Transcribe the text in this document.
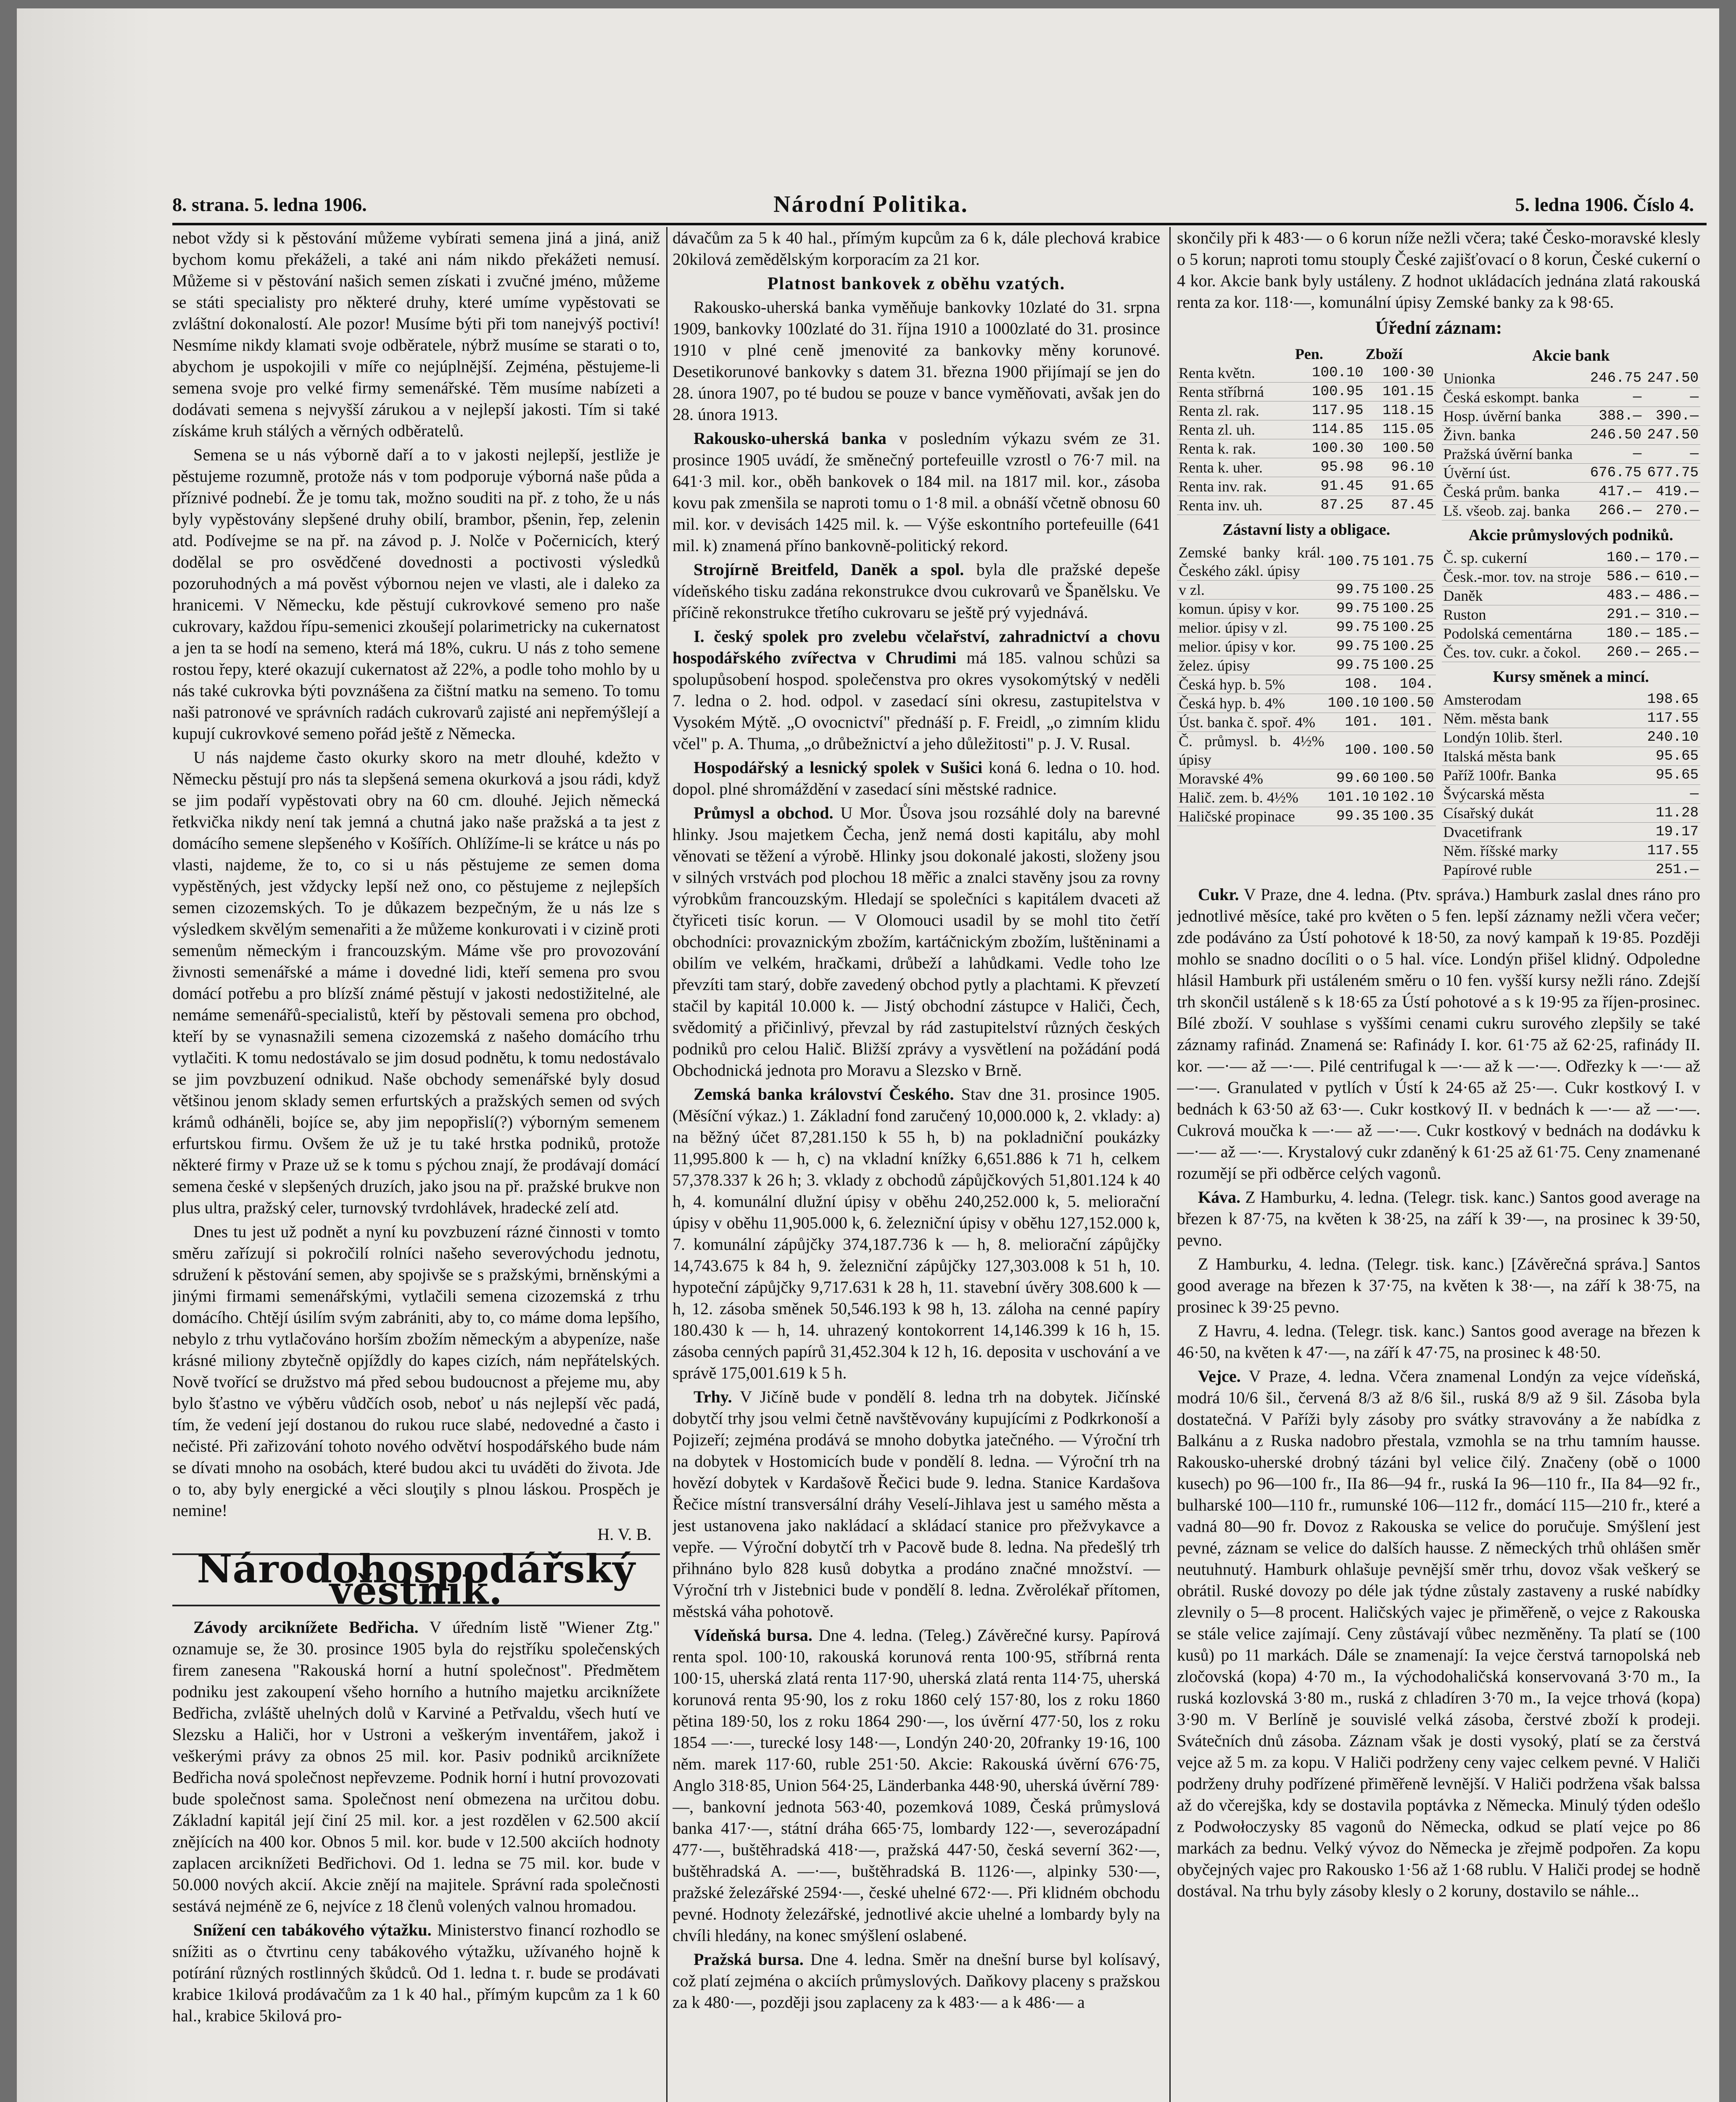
8. strana. 5. ledna 1906.	Národní Politika.	5. ledna 1906. Číslo 4.

nebot vždy si k pěstování můžeme vybírati semena jiná a jiná, aniž bychom komu překáželi, a také ani nám nikdo překážeti nemusí. Můžeme si v pěstování našich semen získati i zvučné jméno, můžeme se státi specialisty pro některé druhy, které umíme vypěstovati se zvláštní dokonalostí. Ale pozor! Musíme býti při tom nanejvýš poctiví! Nesmíme nikdy klamati svoje odběratele, nýbrž musíme se starati o to, abychom je uspokojili v míře co nejúplnější. Zejména, pěstujeme-li semena svoje pro velké firmy semenářské. Těm musíme nabízeti a dodávati semena s nejvyšší zárukou a v nejlepší jakosti. Tím si také získáme kruh stálých a věrných odběratelů.

Semena se u nás výborně daří a to v jakosti nejlepší, jestliže je pěstujeme rozumně, protože nás v tom podporuje výborná naše půda a příznivé podnebí. Že je tomu tak, možno souditi na př. z toho, že u nás byly vypěstovány slepšené druhy obilí, brambor, pšenin, řep, zelenin atd. Podívejme se na př. na závod p. J. Nolče v Počernicích, který dodělal se pro osvědčené dovednosti a poctivosti výsledků pozoruhodných a má pověst výbornou nejen ve vlasti, ale i daleko za hranicemi. V Německu, kde pěstují cukrovkové semeno pro naše cukrovary, každou řípu-semenici zkoušejí polarimetricky na cukernatost a jen ta se hodí na semeno, která má 18%, cukru. U nás z toho semene rostou řepy, které okazují cukernatost až 22%, a podle toho mohlo by u nás také cukrovka býti povznášena za čištní matku na semeno. To tomu naši patronové ve správních radách cukrovarů zajisté ani nepřemýšlejí a kupují cukrovkové semeno pořád ještě z Německa.

U nás najdeme často okurky skoro na metr dlouhé, kdežto v Německu pěstují pro nás ta slepšená semena okurková a jsou rádi, když se jim podaří vypěstovati obry na 60 cm. dlouhé. Jejich německá řetkvička nikdy není tak jemná a chutná jako naše pražská a ta jest z domácího semene slepšeného v Košířích. Ohlížíme-li se krátce u nás po vlasti, najdeme, že to, co si u nás pěstujeme ze semen doma vypěstěných, jest vždycky lepší než ono, co pěstujeme z nejlepších semen cizozemských. To je důkazem bezpečným, že u nás lze s výsledkem skvělým semenařiti a že můžeme konkurovati i v cizině proti semenům německým i francouzským. Máme vše pro provozování živnosti semenářské a máme i dovedné lidi, kteří semena pro svou domácí potřebu a pro blízší známé pěstují v jakosti nedostižitelné, ale nemáme semenářů-specialistů, kteří by pěstovali semena pro obchod, kteří by se vynasnažili semena cizozemská z našeho domácího trhu vytlačiti. K tomu nedostávalo se jim dosud podnětu, k tomu nedostávalo se jim povzbuzení odnikud. Naše obchody semenářské byly dosud většinou jenom sklady semen erfurtských a pražských semen od svých krámů odháněli, bojíce se, aby jim nepopřislí(?) výborným semenem erfurtskou firmu. Ovšem že už je tu také hrstka podniků, protože některé firmy v Praze už se k tomu s pýchou znají, že prodávají domácí semena české v slepšených druzích, jako jsou na př. pražské brukve non plus ultra, pražský celer, turnovský tvrdohlávek, hradecké zelí atd.

Dnes tu jest už podnět a nyní ku povzbuzení rázné činnosti v tomto směru zařízují si pokročilí rolníci našeho severovýchodu jednotu, sdružení k pěstování semen, aby spojivše se s pražskými, brněnskými a jinými firmami semenářskými, vytlačili semena cizozemská z trhu domácího. Chtějí úsilím svým zabrániti, aby to, co máme doma lepšího, nebylo z trhu vytlačováno horším zbožím německým a abypeníze, naše krásné miliony zbytečně opjíždly do kapes cizích, nám nepřátelských. Nově tvořící se družstvo má před sebou budoucnost a přejeme mu, aby bylo šťastno ve výběru vůdčích osob, neboť u nás nejlepší věc padá, tím, že vedení její dostanou do rukou ruce slabé, nedovedné a často i nečisté. Při zařizování tohoto nového odvětví hospodářského bude nám se dívati mnoho na osobách, které budou akci tu uváděti do života. Jde o to, aby byly energické a věci slouţily s plnou láskou. Prospěch je nemine!

H. V. B.
Národohospodářský věstník.

Závody arciknížete Bedřicha. V úředním listě "Wiener Ztg." oznamuje se, že 30. prosince 1905 byla do rejstříku společenských firem zanesena "Rakouská horní a hutní společnost". Předmětem podniku jest zakoupení všeho horního a hutního majetku arciknížete Bedřicha, zvláště uhelných dolů v Karviné a Petřvaldu, všech hutí ve Slezsku a Haliči, hor v Ustroni a veškerým inventářem, jakož i veškerými právy za obnos 25 mil. kor. Pasiv podniků arciknížete Bedřicha nová společnost nepřevzeme. Podnik horní i hutní provozovati bude společnost sama. Společnost není obmezena na určitou dobu. Základní kapitál její činí 25 mil. kor. a jest rozdělen v 62.500 akcií znějících na 400 kor. Obnos 5 mil. kor. bude v 12.500 akciích hodnoty zaplacen arciknížeti Bedřichovi. Od 1. ledna se 75 mil. kor. bude v 50.000 nových akcií. Akcie znějí na majitele. Správní rada společnosti sestává nejméně ze 6, nejvíce z 18 členů volených valnou hromadou.

Snížení cen tabákového výtažku. Ministerstvo financí rozhodlo se snížiti as o čtvrtinu ceny tabákového výtažku, užívaného hojně k potírání různých rostlinných škůdců. Od 1. ledna t. r. bude se prodávati krabice 1kilová prodávačům za 1 k 40 hal., přímým kupcům za 1 k 60 hal., krabice 5kilová pro-

dávačům za 5 k 40 hal., přímým kupcům za 6 k, dále plechová krabice 20kilová zemědělským korporacím za 21 kor.

Platnost bankovek z oběhu vzatých.

Rakousko-uherská banka vyměňuje bankovky 10zlaté do 31. srpna 1909, bankovky 100zlaté do 31. října 1910 a 1000zlaté do 31. prosince 1910 v plné ceně jmenovité za bankovky měny korunové. Desetikorunové bankovky s datem 31. března 1900 přijímají se jen do 28. února 1907, po té budou se pouze v bance vyměňovati, avšak jen do 28. února 1913.

Rakousko-uherská banka v posledním výkazu svém ze 31. prosince 1905 uvádí, že směnečný portefeuille vzrostl o 76·7 mil. na 641·3 mil. kor., oběh bankovek o 184 mil. na 1817 mil. kor., zásoba kovu pak zmenšila se naproti tomu o 1·8 mil. a obnáší včetně obnosu 60 mil. kor. v devisách 1425 mil. k. — Výše eskontního portefeuille (641 mil. k) znamená příno bankovně-politický rekord.

Strojírně Breitfeld, Daněk a spol. byla dle pražské depeše vídeňského tisku zadána rekonstrukce dvou cukrovarů ve Španělsku. Ve příčině rekonstrukce třetího cukrovaru se ještě prý vyjednává.

I. český spolek pro zvelebu včelařství, zahradnictví a chovu hospodářského zvířectva v Chrudimi má 185. valnou schůzi sa spolupůsobení hospod. společenstva pro okres vysokomýtský v neděli 7. ledna o 2. hod. odpol. v zasedací síni okresu, zastupitelstva v Vysokém Mýtě. „O ovocnictví" přednáší p. F. Freidl, „o zimním klidu včel" p. A. Thuma, „o drůbežnictví a jeho důležitosti" p. J. V. Rusal.

Hospodářský a lesnický spolek v Sušici koná 6. ledna o 10. hod. dopol. plné shromáždění v zasedací síni městské radnice.

Průmysl a obchod. U Mor. Ůsova jsou rozsáhlé doly na barevné hlinky. Jsou majetkem Čecha, jenž nemá dosti kapitálu, aby mohl věnovati se těžení a výrobě. Hlinky jsou dokonalé jakosti, složeny jsou v silných vrstvách pod plochou 18 měřic a znalci stavěny jsou za rovny výrobkům francouzským. Hledají se společníci s kapitálem dvaceti až čtyřiceti tisíc korun. — V Olomouci usadil by se mohl tito četří obchodníci: provaznickým zbožím, kartáčnickým zbožím, luštěninami a obilím ve velkém, hračkami, drůbeží a lahůdkami. Vedle toho lze převzíti tam starý, dobře zavedený obchod pytly a plachtami. K převzetí stačil by kapitál 10.000 k. — Jistý obchodní zástupce v Haliči, Čech, svědomitý a přičinlivý, převzal by rád zastupitelství různých českých podniků pro celou Halič. Bližší zprávy a vysvětlení na požádání podá Obchodnická jednota pro Moravu a Slezsko v Brně.

Zemská banka království Českého. Stav dne 31. prosince 1905. (Měsíční výkaz.) 1. Základní fond zaručený 10,000.000 k, 2. vklady: a) na běžný účet 87,281.150 k 55 h, b) na pokladniční poukázky 11,995.800 k — h, c) na vkladní knížky 6,651.886 k 71 h, celkem 57,378.337 k 26 h; 3. vklady z obchodů zápůjčkových 51,801.124 k 40 h, 4. komunální dlužní úpisy v oběhu 240,252.000 k, 5. meliorační úpisy v oběhu 11,905.000 k, 6. železniční úpisy v oběhu 127,152.000 k, 7. komunální zápůjčky 374,187.736 k — h, 8. meliorační zápůjčky 14,743.675 k 84 h, 9. železniční zápůjčky 127,303.008 k 51 h, 10. hypoteční zápůjčky 9,717.631 k 28 h, 11. stavební úvěry 308.600 k — h, 12. zásoba směnek 50,546.193 k 98 h, 13. záloha na cenné papíry 180.430 k — h, 14. uhrazený kontokorrent 14,146.399 k 16 h, 15. zásoba cenných papírů 31,452.304 k 12 h, 16. deposita v uschování a ve správě 175,001.619 k 5 h.

Trhy. V Jičíně bude v pondělí 8. ledna trh na dobytek. Jičínské dobytčí trhy jsou velmi četně navštěvovány kupujícími z Podkrkonoší a Pojizeří; zejména prodává se mnoho dobytka jatečného. — Výroční trh na dobytek v Hostomicích bude v pondělí 8. ledna. — Výroční trh na hovězí dobytek v Kardašově Řečici bude 9. ledna. Stanice Kardašova Řečice místní transversální dráhy Veselí-Jihlava jest u samého města a jest ustanovena jako nakládací a skládací stanice pro přežvykavce a vepře. — Výroční dobytčí trh v Pacově bude 8. ledna. Na předešlý trh přihnáno bylo 828 kusů dobytka a prodáno značné množství. — Výroční trh v Jistebnici bude v pondělí 8. ledna. Zvěrolékař přítomen, městská váha pohotově.

Vídeňská bursa. Dne 4. ledna. (Teleg.) Závěrečné kursy. Papírová renta spol. 100·10, rakouská korunová renta 100·95, stříbrná renta 100·15, uherská zlatá renta 117·90, uherská zlatá renta 114·75, uherská korunová renta 95·90, los z roku 1860 celý 157·80, los z roku 1860 pětina 189·50, los z roku 1864 290·—, los úvěrní 477·50, los z roku 1854 —·—, turecké losy 148·—, Londýn 240·20, 20franky 19·16, 100 něm. marek 117·60, ruble 251·50. Akcie: Rakouská úvěrní 676·75, Anglo 318·85, Union 564·25, Länderbanka 448·90, uherská úvěrní 789·—, bankovní jednota 563·40, pozemková 1089, Česká průmyslová banka 417·—, státní dráha 665·75, lombardy 122·—, severozápadní 477·—, buštěhradská 418·—, pražská 447·50, česká severní 362·—, buštěhradská A. —·—, buštěhradská B. 1126·—, alpinky 530·—, pražské železářské 2594·—, české uhelné 672·—. Při klidném obchodu pevné. Hodnoty železářské, jednotlivé akcie uhelné a lombardy byly na chvíli hledány, na konec smýšlení oslabené.

Pražská bursa. Dne 4. ledna. Směr na dnešní burse byl kolísavý, což platí zejména o akciích průmyslových. Daňkovy placeny s pražskou za k 480·—, později jsou zaplaceny za k 483·— a k 486·— a

skončily při k 483·— o 6 korun níže nežli včera; také Česko-moravské klesly o 5 korun; naproti tomu stouply České zajišťovací o 8 korun, České cukerní o 4 kor. Akcie bank byly ustáleny. Z hodnot ukládacích jednána zlatá rakouská renta za kor. 118·—, komunální úpisy Zemské banky za k 98·65.

Úřední záznam:
	Pen.	Zboží
Renta květn.	100.10	100·30
Renta stříbrná	100.95	101.15
Renta zl. rak.	117.95	118.15
Renta zl. uh.	114.85	115.05
Renta k. rak.	100.30	100.50
Renta k. uher.	95.98	96.10
Renta inv. rak.	91.45	91.65
Renta inv. uh.	87.25	87.45
Zástavní listy a obligace.
Zemské banky král. Českého zákl. úpisy	100.75	101.75
v zl.	99.75	100.25
komun. úpisy v kor.	99.75	100.25
melior. úpisy v zl.	99.75	100.25
melior. úpisy v kor.	99.75	100.25
želez. úpisy	99.75	100.25
Česká hyp. b. 5%	108.	104.
Česká hyp. b. 4%	100.10	100.50
Úst. banka č. spoř. 4%	101.	101.
Č. průmysl. b. 4½% úpisy	100.	100.50
Moravské 4%	99.60	100.50
Halič. zem. b. 4½%	101.10	102.10
Haličské propinace	99.35	100.35
Akcie bank
Unionka	246.75	247.50
Česká eskompt. banka	—	—
Hosp. úvěrní banka	388.—	390.—
Živn. banka	246.50	247.50
Pražská úvěrní banka	—	—
Úvěrní úst.	676.75	677.75
Česká prům. banka	417.—	419.—
Lš. všeob. zaj. banka	266.—	270.—
Akcie průmyslových podniků.
Č. sp. cukerní	160.—	170.—
Česk.-mor. tov. na stroje	586.—	610.—
Daněk	483.—	486.—
Ruston	291.—	310.—
Podolská cementárna	180.—	185.—
Čes. tov. cukr. a čokol.	260.—	265.—
Kursy směnek a mincí.
Amsterodam	198.65
Něm. města bank	117.55
Londýn 10lib. šterl.	240.10
Italská města bank	95.65
Paříž 100fr. Banka	95.65
Švýcarská města	—
Císařský dukát	11.28
Dvacetifrank	19.17
Něm. říšské marky	117.55
Papírové ruble	251.—

Cukr. V Praze, dne 4. ledna. (Ptv. správa.) Hamburk zaslal dnes ráno pro jednotlivé měsíce, také pro květen o 5 fen. lepší záznamy nežli včera večer; zde podáváno za Ústí pohotové k 18·50, za nový kampaň k 19·85. Později mohlo se snadno docíliti o o 5 hal. více. Londýn přišel klidný. Odpoledne hlásil Hamburk při ustáleném směru o 10 fen. vyšší kursy nežli ráno. Zdejší trh skončil ustáleně s k 18·65 za Ústí pohotové a s k 19·95 za říjen-prosinec. Bílé zboží. V souhlase s vyššími cenami cukru surového zlepšily se také záznamy rafinád. Znamená se: Rafinády I. kor. 61·75 až 62·25, rafinády II. kor. —·— až —·—. Pilé centrifugal k —·— až k —·—. Odřezky k —·— až —·—. Granulated v pytlích v Ústí k 24·65 až 25·—. Cukr kostkový I. v bednách k 63·50 až 63·—. Cukr kostkový II. v bednách k —·— až —·—. Cukrová moučka k —·— až —·—. Cukr kostkový v bednách na dodávku k —·— až —·—. Krystalový cukr zdaněný k 61·25 až 61·75. Ceny znamenané rozumějí se při odběrce celých vagonů.

Káva. Z Hamburku, 4. ledna. (Telegr. tisk. kanc.) Santos good average na březen k 87·75, na květen k 38·25, na září k 39·—, na prosinec k 39·50, pevno.

Z Hamburku, 4. ledna. (Telegr. tisk. kanc.) [Závěrečná správa.] Santos good average na březen k 37·75, na květen k 38·—, na září k 38·75, na prosinec k 39·25 pevno.

Z Havru, 4. ledna. (Telegr. tisk. kanc.) Santos good average na březen k 46·50, na květen k 47·—, na září k 47·75, na prosinec k 48·50.

Vejce. V Praze, 4. ledna. Včera znamenal Londýn za vejce vídeňská, modrá 10/6 šil., červená 8/3 až 8/6 šil., ruská 8/9 až 9 šil. Zásoba byla dostatečná. V Paříži byly zásoby pro svátky stravovány a že nabídka z Balkánu a z Ruska nadobro přestala, vzmohla se na trhu tamním hausse. Rakousko-uherské drobný tázáni byl velice čilý. Značeny (obě o 1000 kusech) po 96—100 fr., IIa 86—94 fr., ruská Ia 96—110 fr., IIa 84—92 fr., bulharské 100—110 fr., rumunské 106—112 fr., domácí 115—210 fr., které a vadná 80—90 fr. Dovoz z Rakouska se velice do poručuje. Smýšlení jest pevné, záznam se velice do dalších hausse. Z německých trhů ohlášen směr neutuhnutý. Hamburk ohlašuje pevnější směr trhu, dovoz však veškerý se obrátil. Ruské dovozy po déle jak týdne zůstaly zastaveny a ruské nabídky zlevnily o 5—8 procent. Haličských vajec je přiměřeně, o vejce z Rakouska se stále velice zajímají. Ceny zůstávají vůbec nezměněny. Ta platí se (100 kusů) po 11 markách. Dále se znamenají: Ia vejce čerstvá tarnopolská neb zločovská (kopa) 4·70 m., Ia východohaličská konservovaná 3·70 m., Ia ruská kozlovská 3·80 m., ruská z chladíren 3·70 m., Ia vejce trhová (kopa) 3·90 m. V Berlíně je souvislé velká zásoba, čerstvé zboží k prodeji. Svátečních dnů zásoba. Záznam však je dosti vysoký, platí se za čerstvá vejce až 5 m. za kopu. V Haliči podrženy ceny vajec celkem pevné. V Haliči podrženy druhy podřízené přiměřeně levnější. V Haliči podržena však balssa až do včerejška, kdy se dostavila poptávka z Německa. Minulý týden odešlo z Podwołoczysky 85 vagonů do Německa, odkud se platí vejce po 86 markách za bednu. Velký vývoz do Německa je zřejmě podpořen. Za kopu obyčejných vajec pro Rakousko 1·56 až 1·68 rublu. V Haliči prodej se hodně dostával. Na trhu byly zásoby klesly o 2 koruny, dostavilo se náhle...
